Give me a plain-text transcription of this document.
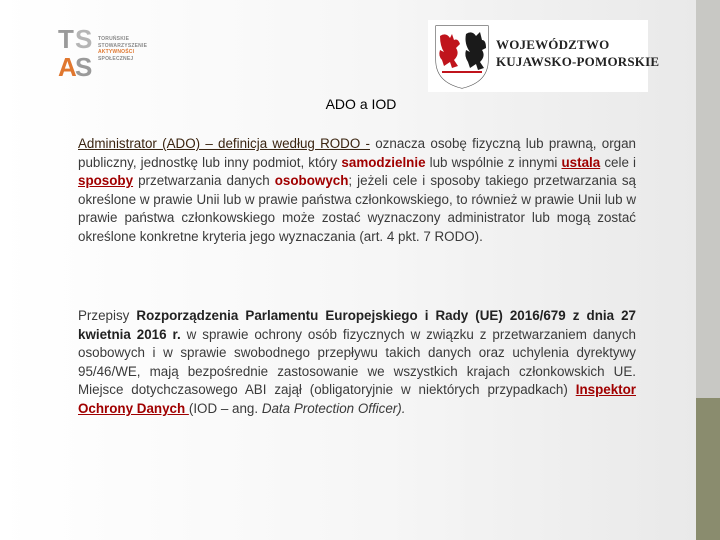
T S
A
S
TORUŃSKIE
STOWARZYSZENIE
AKTYWNOŚCI
SPOŁECZNEJ
WOJEWÓDZTWO
KUJAWSKO-POMORSKIE
ADO a IOD
Administrator (ADO) – definicja według RODO - oznacza osobę fizyczną lub prawną, organ publiczny, jednostkę lub inny podmiot, który samodzielnie lub wspólnie z innymi ustala cele i sposoby przetwarzania danych osobowych; jeżeli cele i sposoby takiego przetwarzania są określone w prawie Unii lub w prawie państwa członkowskiego, to również w prawie Unii lub w prawie państwa członkowskiego może zostać wyznaczony administrator lub mogą zostać określone konkretne kryteria jego wyznaczania (art. 4 pkt. 7 RODO).
Przepisy Rozporządzenia Parlamentu Europejskiego i Rady (UE) 2016/679 z dnia 27 kwietnia 2016 r. w sprawie ochrony osób fizycznych w związku z przetwarzaniem danych osobowych i w sprawie swobodnego przepływu takich danych oraz uchylenia dyrektywy 95/46/WE, mają bezpośrednie zastosowanie we wszystkich krajach członkowskich UE. Miejsce dotychczasowego ABI zajął (obligatoryjnie w niektórych przypadkach) Inspektor Ochrony Danych (IOD – ang. Data Protection Officer).
